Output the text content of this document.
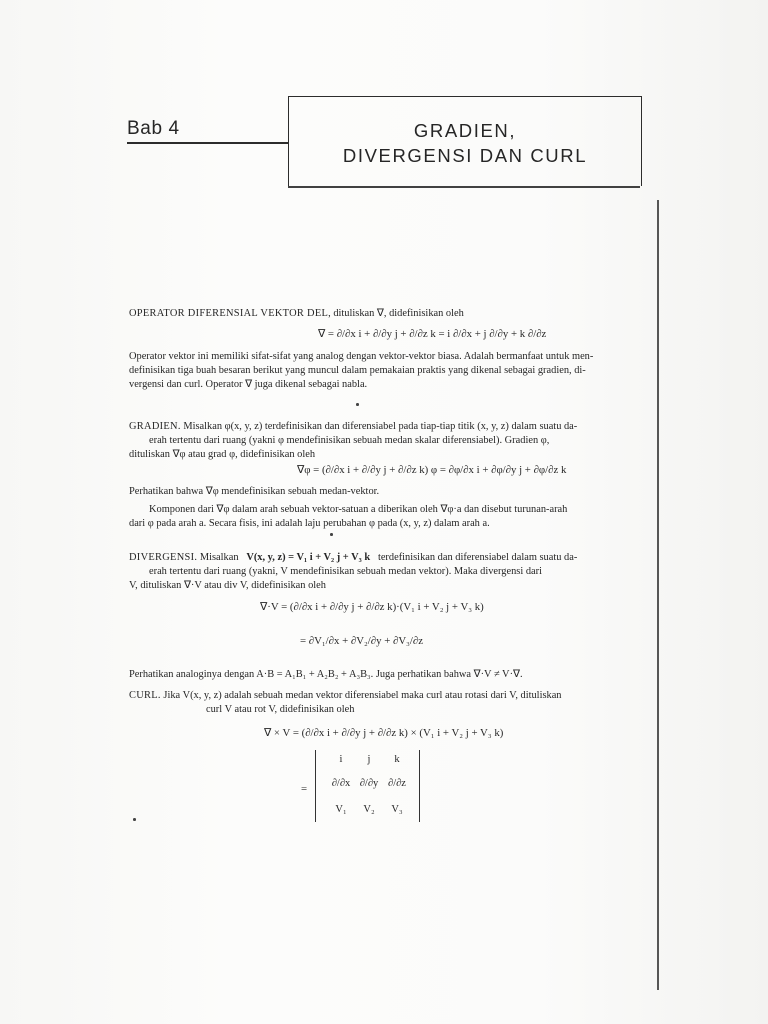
Bab 4	GRADIEN,
DIVERGENSI DAN CURL
OPERATOR DIFERENSIAL VEKTOR DEL, dituliskan ∇, didefinisikan oleh
∇ = ∂/∂x i + ∂/∂y j + ∂/∂z k = i ∂/∂x + j ∂/∂y + k ∂/∂z
Operator vektor ini memiliki sifat-sifat yang analog dengan vektor-vektor biasa. Adalah bermanfaat untuk men-
definisikan tiga buah besaran berikut yang muncul dalam pemakaian praktis yang dikenal sebagai gradien, di-
vergensi dan curl. Operator ∇ juga dikenal sebagai nabla.
GRADIEN. Misalkan φ(x, y, z) terdefinisikan dan diferensiabel pada tiap-tiap titik (x, y, z) dalam suatu da-
erah tertentu dari ruang (yakni φ mendefinisikan sebuah medan skalar diferensiabel). Gradien φ,
dituliskan ∇φ atau grad φ, didefinisikan oleh
∇φ = (∂/∂x i + ∂/∂y j + ∂/∂z k) φ = ∂φ/∂x i + ∂φ/∂y j + ∂φ/∂z k
Perhatikan bahwa ∇φ mendefinisikan sebuah medan-vektor.
Komponen dari ∇φ dalam arah sebuah vektor-satuan a diberikan oleh ∇φ·a dan disebut turunan-arah
dari φ pada arah a. Secara fisis, ini adalah laju perubahan φ pada (x, y, z) dalam arah a.
DIVERGENSI. Misalkan V(x, y, z) = V₁ i + V₂ j + V₃ k terdefinisikan dan diferensiabel dalam suatu da-
erah tertentu dari ruang (yakni, V mendefinisikan sebuah medan vektor). Maka divergensi dari
V, dituliskan ∇·V atau div V, didefinisikan oleh
∇·V = (∂/∂x i + ∂/∂y j + ∂/∂z k)·(V₁ i + V₂ j + V₃ k)
= ∂V₁/∂x + ∂V₂/∂y + ∂V₃/∂z
Perhatikan analoginya dengan A·B = A₁B₁ + A₂B₂ + A₃B₃. Juga perhatikan bahwa ∇·V ≠ V·∇.
CURL. Jika V(x, y, z) adalah sebuah medan vektor diferensiabel maka curl atau rotasi dari V, dituliskan
curl V atau rot V, didefinisikan oleh
∇ × V = (∂/∂x i + ∂/∂y j + ∂/∂z k) × (V₁ i + V₂ j + V₃ k)
=
i	j	k
∂/∂x ∂/∂y ∂/∂z
V₁	V₂	V₃
